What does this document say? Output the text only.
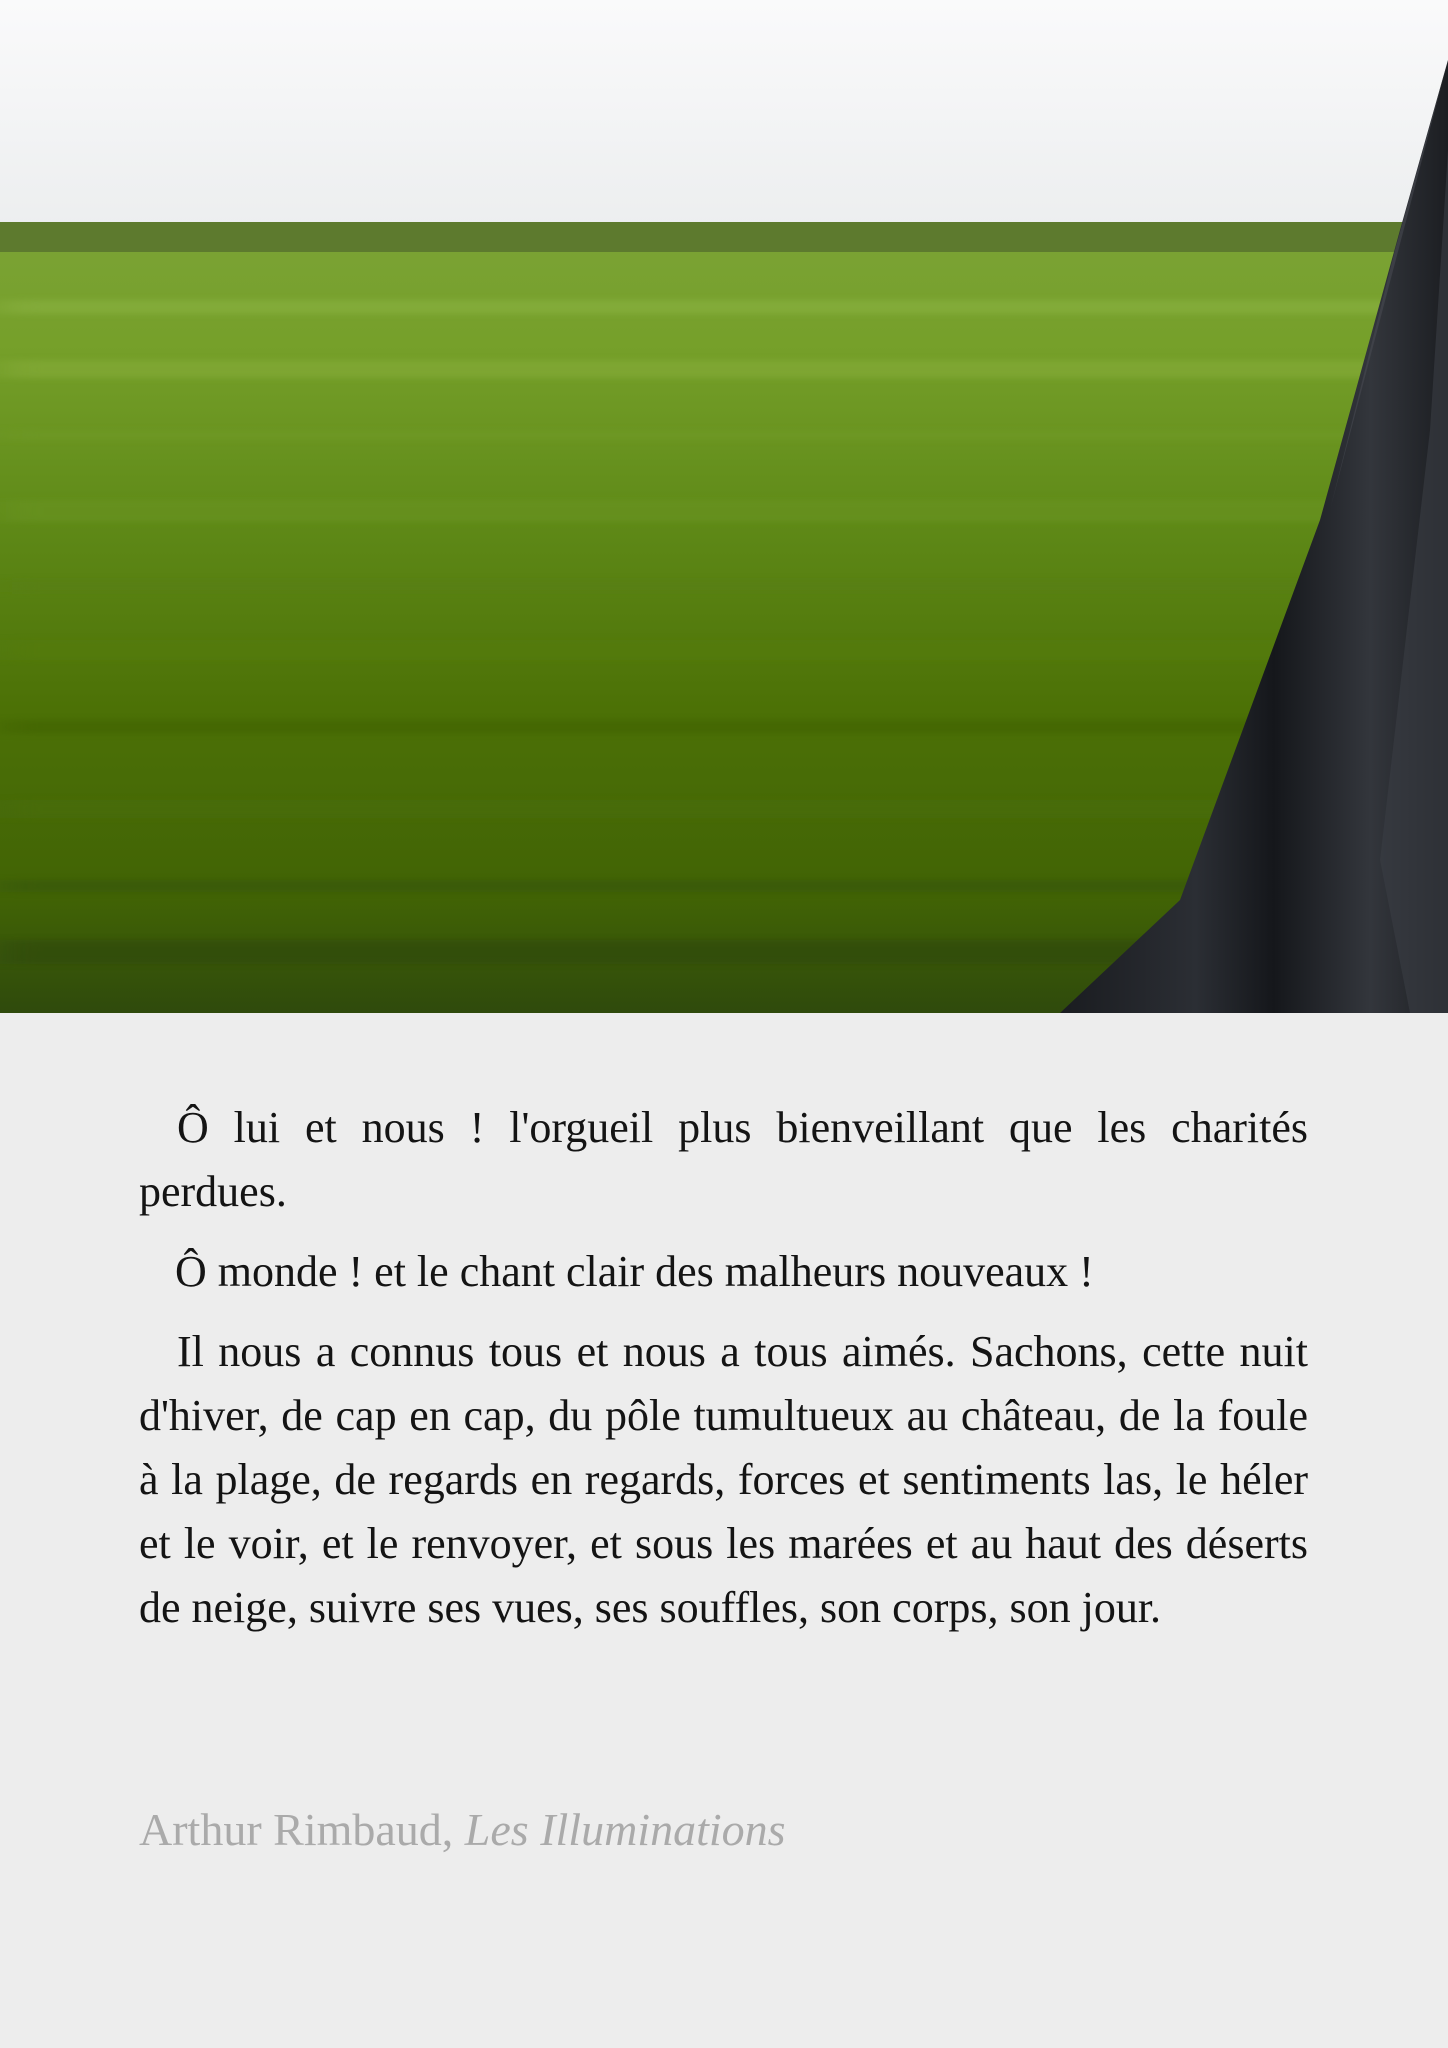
Ô lui et nous ! l'orgueil plus bienveillant que les charités perdues.

Ô monde ! et le chant clair des malheurs nouveaux !

Il nous a connus tous et nous a tous aimés. Sachons, cette nuit d'hiver, de cap en cap, du pôle tumultueux au château, de la foule à la plage, de regards en regards, forces et sentiments las, le héler et le voir, et le renvoyer, et sous les marées et au haut des déserts de neige, suivre ses vues, ses souffles, son corps, son jour.

Arthur Rimbaud, Les Illuminations
